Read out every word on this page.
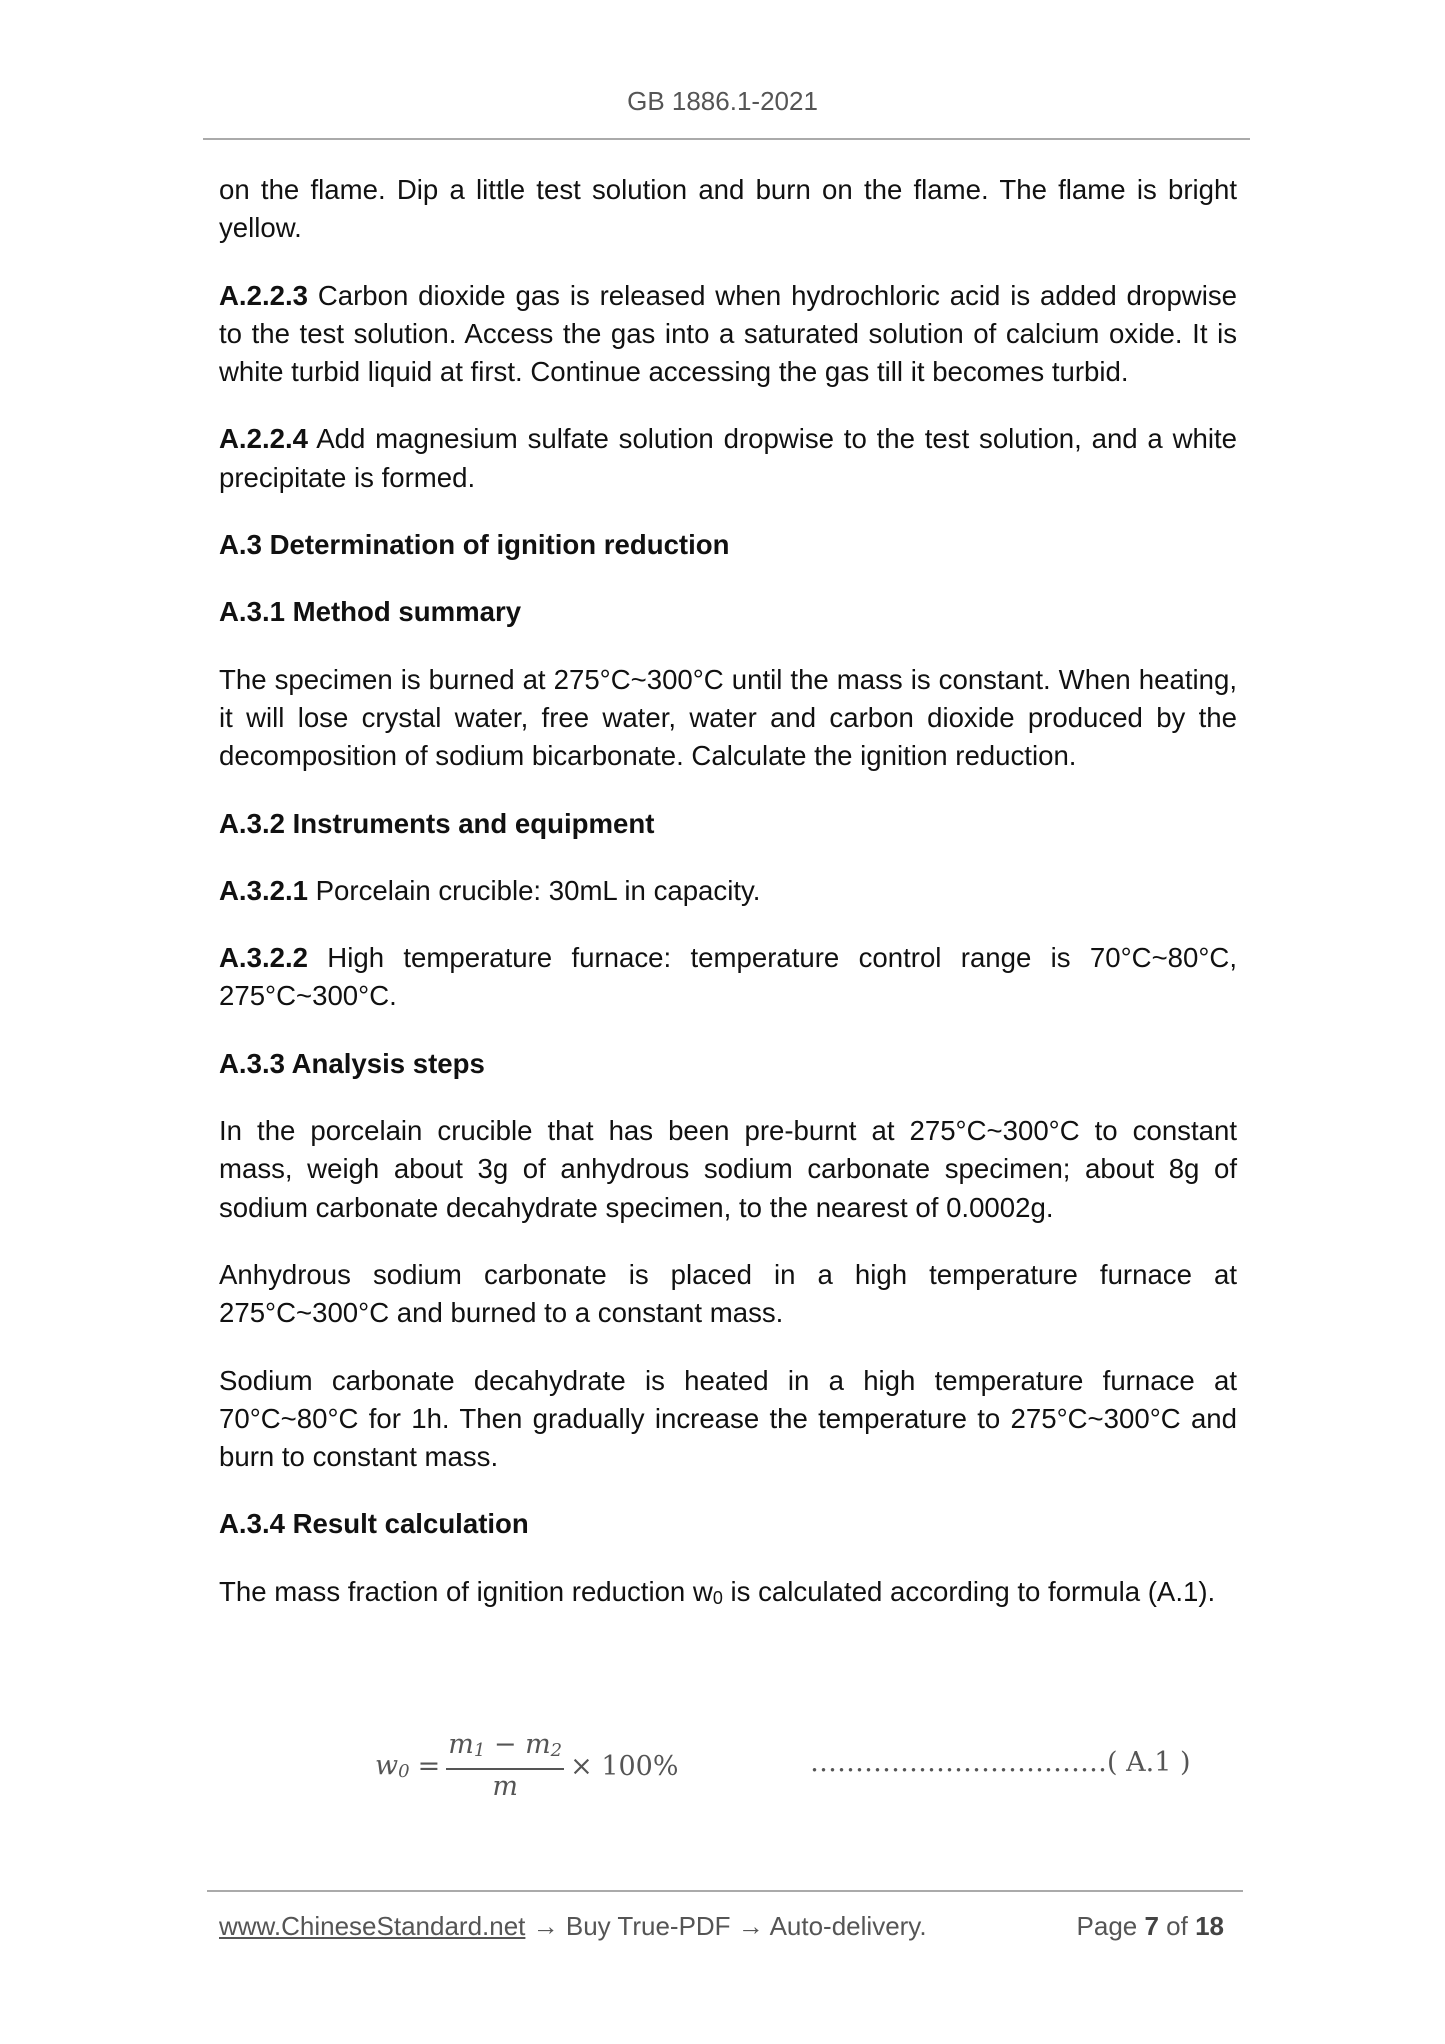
GB 1886.1-2021

on the flame. Dip a little test solution and burn on the flame. The flame is bright yellow.

A.2.2.3 Carbon dioxide gas is released when hydrochloric acid is added dropwise to the test solution. Access the gas into a saturated solution of calcium oxide. It is white turbid liquid at first. Continue accessing the gas till it becomes turbid.

A.2.2.4 Add magnesium sulfate solution dropwise to the test solution, and a white precipitate is formed.

A.3 Determination of ignition reduction
A.3.1 Method summary

The specimen is burned at 275°C~300°C until the mass is constant. When heating, it will lose crystal water, free water, water and carbon dioxide produced by the decomposition of sodium bicarbonate. Calculate the ignition reduction.

A.3.2 Instruments and equipment

A.3.2.1 Porcelain crucible: 30mL in capacity.

A.3.2.2 High temperature furnace: temperature control range is 70°C~80°C, 275°C~300°C.

A.3.3 Analysis steps

In the porcelain crucible that has been pre-burnt at 275°C~300°C to constant mass, weigh about 3g of anhydrous sodium carbonate specimen; about 8g of sodium carbonate decahydrate specimen, to the nearest of 0.0002g.

Anhydrous sodium carbonate is placed in a high temperature furnace at 275°C~300°C and burned to a constant mass.

Sodium carbonate decahydrate is heated in a high temperature furnace at 70°C~80°C for 1h. Then gradually increase the temperature to 275°C~300°C and burn to constant mass.

A.3.4 Result calculation

The mass fraction of ignition reduction $w_0$ is calculated according to formula (A.1).

$w_0 = \frac{m_1 - m_2}{m} \times 100\%$	……………………………( A.1 )
www.ChineseStandard.net → Buy True-PDF → Auto-delivery.	Page 7 of 18
